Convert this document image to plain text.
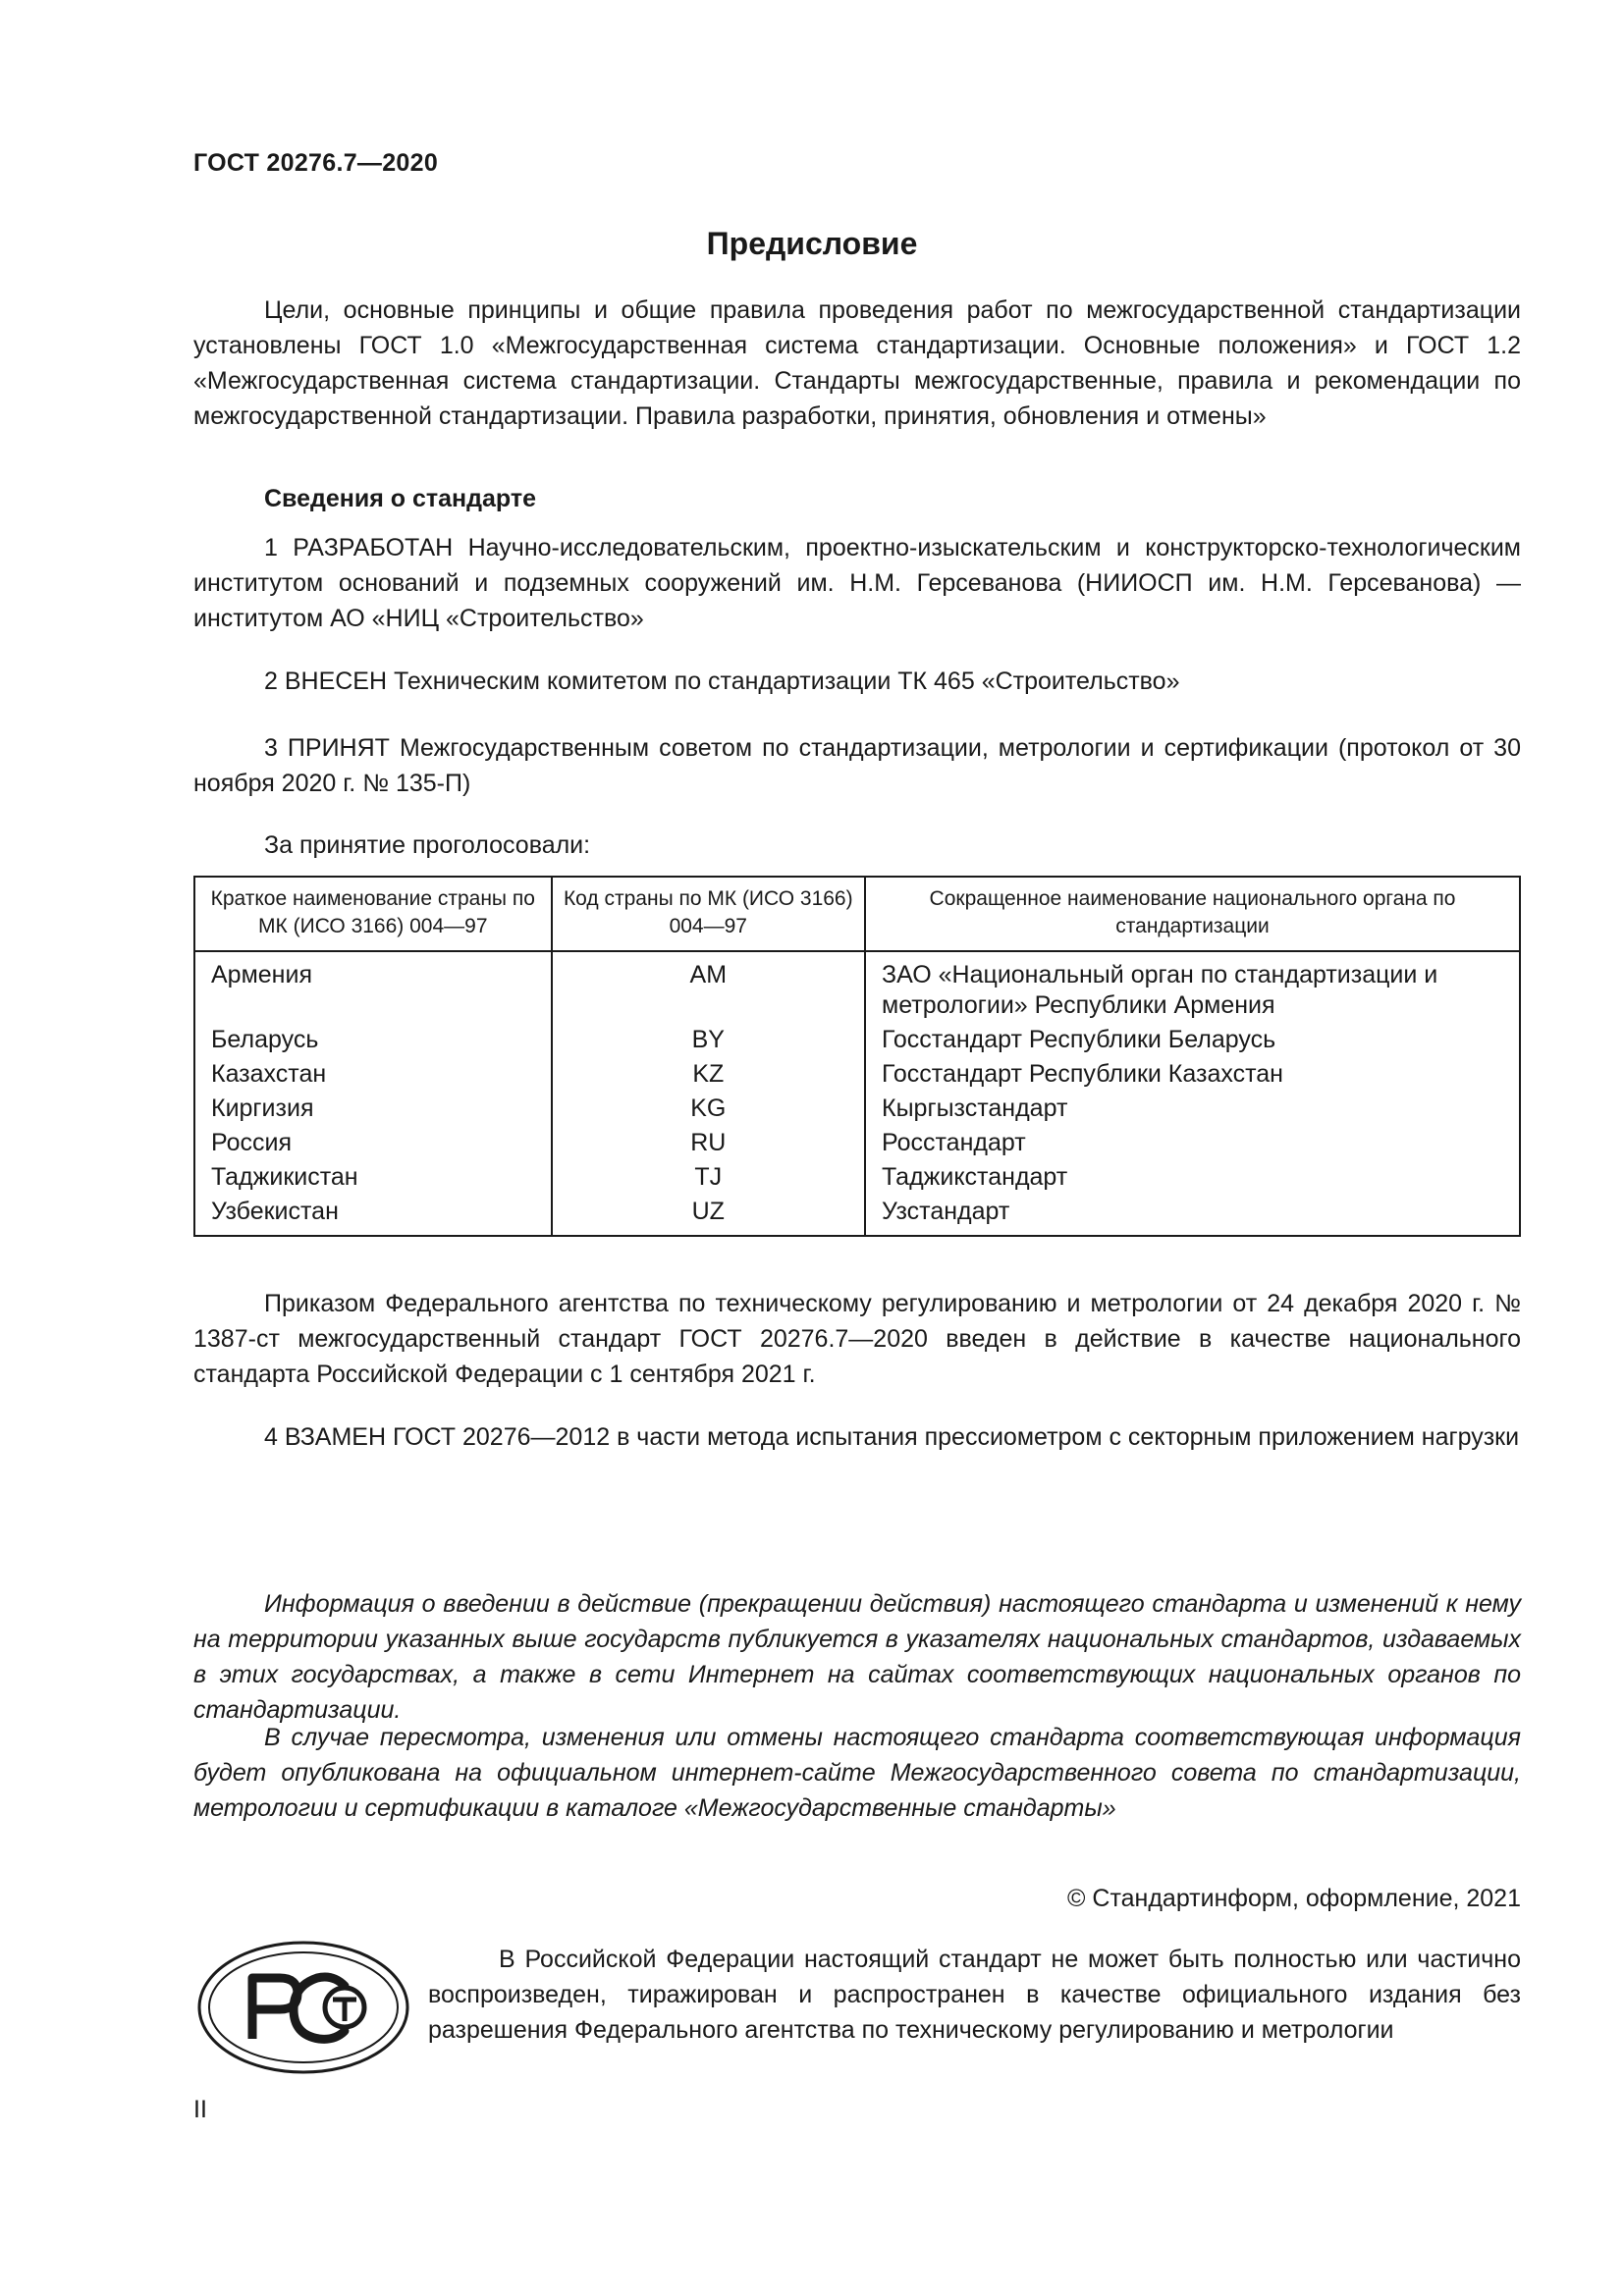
ГОСТ 20276.7—2020
Предисловие

Цели, основные принципы и общие правила проведения работ по межгосударственной стандартизации установлены ГОСТ 1.0 «Межгосударственная система стандартизации. Основные положения» и ГОСТ 1.2 «Межгосударственная система стандартизации. Стандарты межгосударственные, правила и рекомендации по межгосударственной стандартизации. Правила разработки, принятия, обновления и отмены»

Сведения о стандарте

1 РАЗРАБОТАН Научно-исследовательским, проектно-изыскательским и конструкторско-технологическим институтом оснований и подземных сооружений им. Н.М. Герсеванова (НИИОСП им. Н.М. Герсеванова) — институтом АО «НИЦ «Строительство»

2 ВНЕСЕН Техническим комитетом по стандартизации ТК 465 «Строительство»

3 ПРИНЯТ Межгосударственным советом по стандартизации, метрологии и сертификации (протокол от 30 ноября 2020 г. № 135-П)

За принятие проголосовали:
Краткое наименование страны по МК (ИСО 3166) 004—97	Код страны по МК (ИСО 3166) 004—97	Сокращенное наименование национального органа по стандартизации
Армения	AM	ЗАО «Национальный орган по стандартизации и метрологии» Республики Армения
Беларусь	BY	Госстандарт Республики Беларусь
Казахстан	KZ	Госстандарт Республики Казахстан
Киргизия	KG	Кыргызстандарт
Россия	RU	Росстандарт
Таджикистан	TJ	Таджикстандарт
Узбекистан	UZ	Узстандарт

Приказом Федерального агентства по техническому регулированию и метрологии от 24 декабря 2020 г. № 1387-ст межгосударственный стандарт ГОСТ 20276.7—2020 введен в действие в качестве национального стандарта Российской Федерации с 1 сентября 2021 г.

4 ВЗАМЕН ГОСТ 20276—2012 в части метода испытания прессиометром с секторным приложением нагрузки

Информация о введении в действие (прекращении действия) настоящего стандарта и изменений к нему на территории указанных выше государств публикуется в указателях национальных стандартов, издаваемых в этих государствах, а также в сети Интернет на сайтах соответствующих национальных органов по стандартизации.

В случае пересмотра, изменения или отмены настоящего стандарта соответствующая информация будет опубликована на официальном интернет-сайте Межгосударственного совета по стандартизации, метрологии и сертификации в каталоге «Межгосударственные стандарты»

© Стандартинформ, оформление, 2021

В Российской Федерации настоящий стандарт не может быть полностью или частично воспроизведен, тиражирован и распространен в качестве официального издания без разрешения Федерального агентства по техническому регулированию и метрологии

II
